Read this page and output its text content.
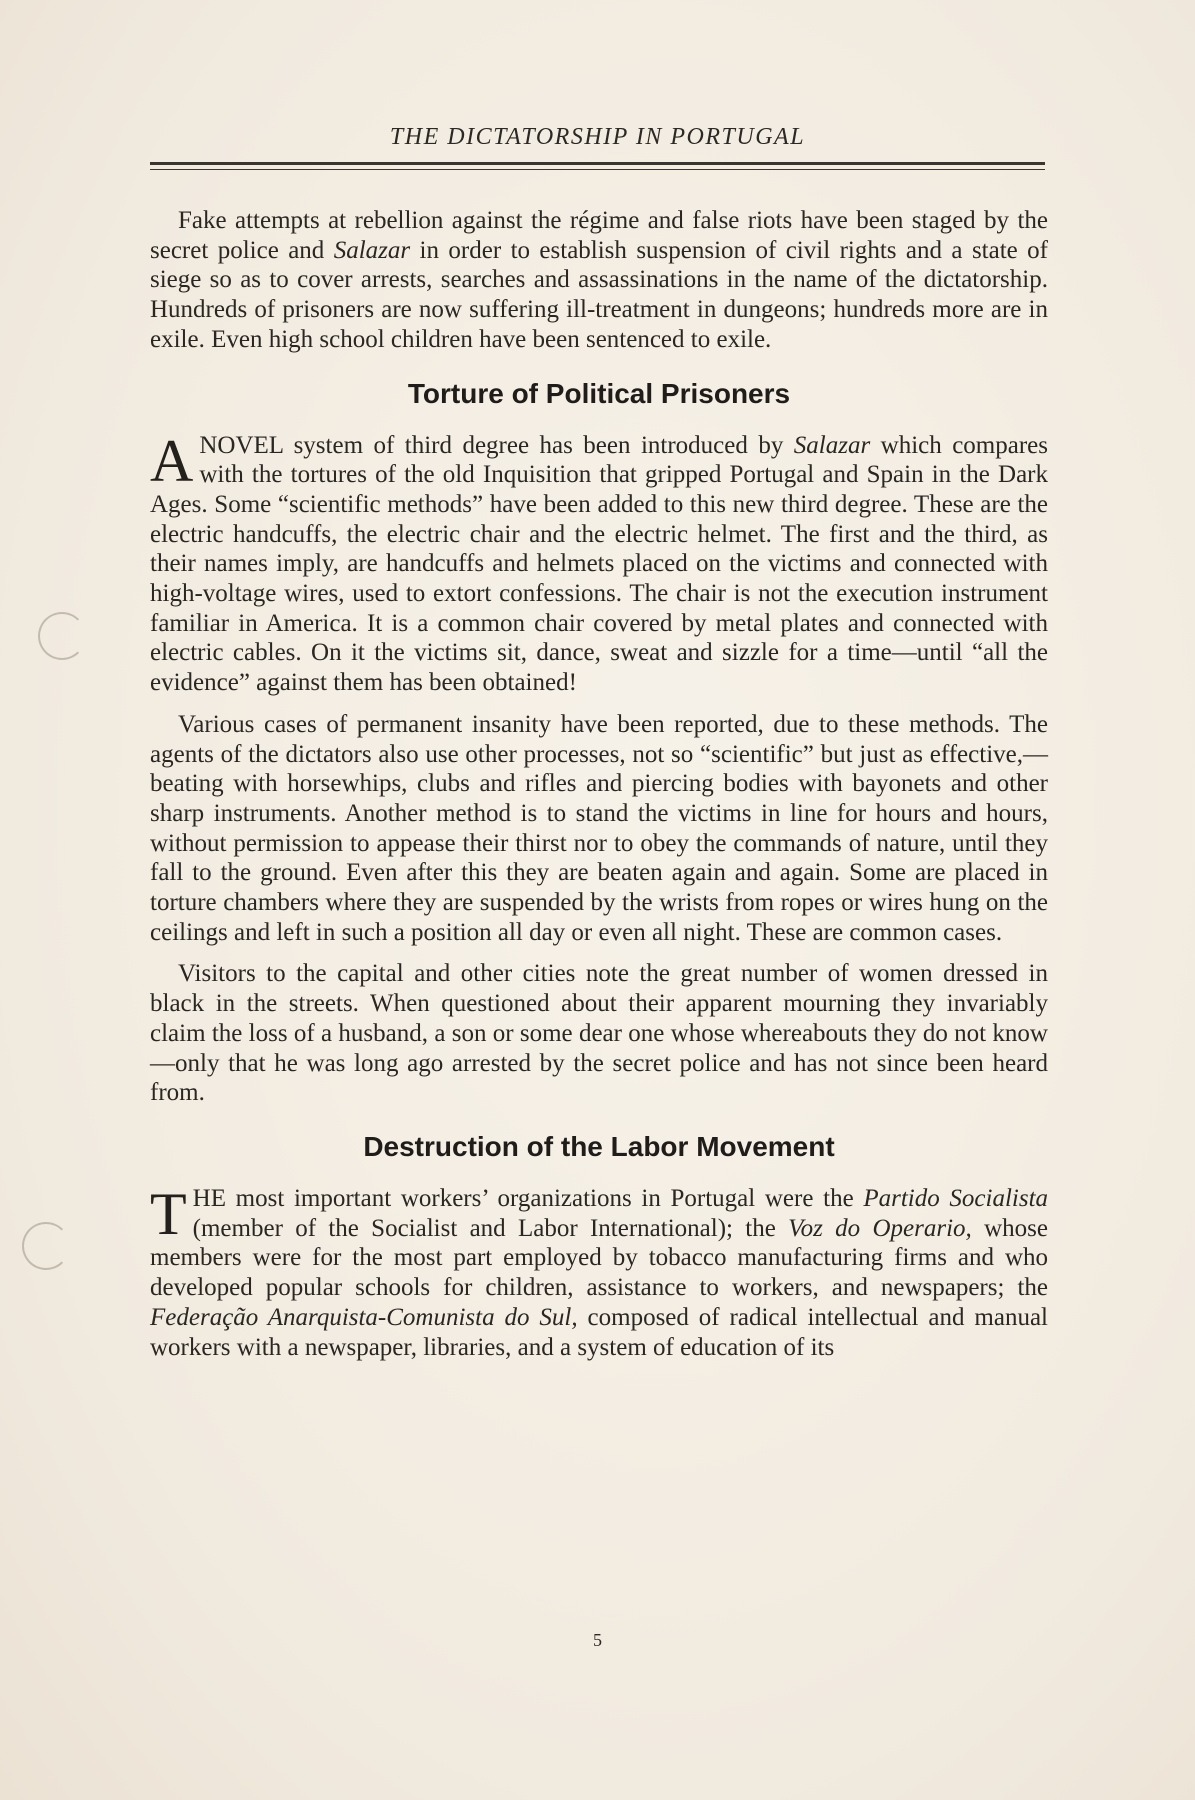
THE DICTATORSHIP IN PORTUGAL

Fake attempts at rebellion against the régime and false riots have been staged by the secret police and Salazar in order to establish suspension of civil rights and a state of siege so as to cover arrests, searches and assassinations in the name of the dictatorship. Hundreds of prisoners are now suffering ill-treatment in dungeons; hundreds more are in exile. Even high school children have been sentenced to exile.

Torture of Political Prisoners

ANOVEL system of third degree has been introduced by Salazar which compares with the tortures of the old Inquisition that gripped Portugal and Spain in the Dark Ages. Some “scientific methods” have been added to this new third degree. These are the electric handcuffs, the electric chair and the electric helmet. The first and the third, as their names imply, are handcuffs and helmets placed on the victims and connected with high-voltage wires, used to extort confessions. The chair is not the execution instrument familiar in America. It is a common chair covered by metal plates and connected with electric cables. On it the victims sit, dance, sweat and sizzle for a time—until “all the evidence” against them has been obtained!

Various cases of permanent insanity have been reported, due to these methods. The agents of the dictators also use other processes, not so “scientific” but just as effective,—beating with horsewhips, clubs and rifles and piercing bodies with bayonets and other sharp instruments. Another method is to stand the victims in line for hours and hours, without permission to appease their thirst nor to obey the commands of nature, until they fall to the ground. Even after this they are beaten again and again. Some are placed in torture chambers where they are suspended by the wrists from ropes or wires hung on the ceilings and left in such a position all day or even all night. These are common cases.

Visitors to the capital and other cities note the great number of women dressed in black in the streets. When questioned about their apparent mourning they invariably claim the loss of a husband, a son or some dear one whose whereabouts they do not know—only that he was long ago arrested by the secret police and has not since been heard from.

Destruction of the Labor Movement

THE most important workers’ organizations in Portugal were the Partido Socialista (member of the Socialist and Labor International); the Voz do Operario, whose members were for the most part employed by tobacco manufacturing firms and who developed popular schools for children, assistance to workers, and newspapers; the Federação Anarquista-Comunista do Sul, composed of radical intellectual and manual workers with a newspaper, libraries, and a system of education of its

5
